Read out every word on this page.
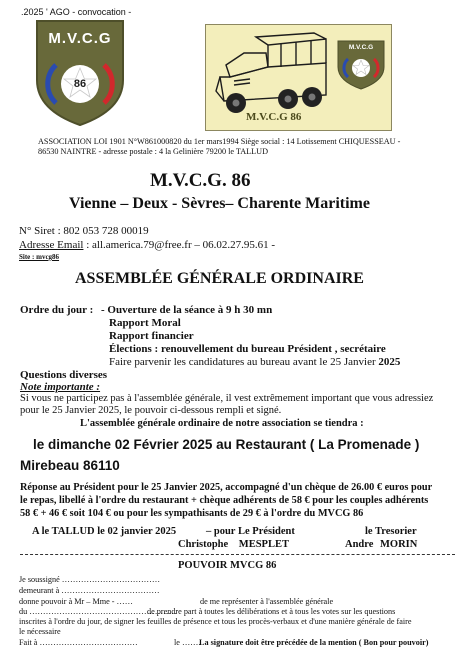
.2025 ' AGO - convocation -
M.V.C.G
86
M.V.C.G
M.V.C.G 86
ASSOCIATION LOI 1901 N°W861000820 du 1er mars1994 Siège social : 14 Lotissement CHIQUESSEAU -
86530 NAINTRE - adresse postale : 4 la Gelinière 79200 le TALLUD
M.V.C.G. 86
Vienne – Deux - Sèvres– Charente Maritime
N° Siret : 802 053 728 00019
Adresse Email : all.america.79@free.fr – 06.02.27.95.61 -
Site : mvcg86
ASSEMBLÉE GÉNÉRALE ORDINAIRE
Ordre du jour : - Ouverture de la séance à 9 h 30 mn
Rapport Moral
Rapport financier
Élections : renouvellement du bureau Président , secrétaire
Faire parvenir les candidatures au bureau avant le 25 Janvier 2025
Questions diverses
Note importante :
Si vous ne participez pas à l'assemblée générale, il vest extrêmement important que vous adressiez
pour le 25 Janvier 2025, le pouvoir ci-dessous rempli et signé.
L'assemblée générale ordinaire de notre association se tiendra :
le dimanche 02 Février 2025 au Restaurant ( La Promenade )
Mirebeau 86110
Réponse au Président pour le 25 Janvier 2025, accompagné d'un chèque de 26.00 € euros pour
le repas, libellé à l'ordre du restaurant + chèque adhérents de 58 € pour les couples adhérents
58 € + 46 € soit 104 € ou pour les sympathisants de 29 € à l'ordre du MVCG 86
A le TALLUD le 02 janvier 2025	– pour Le Président	le Tresorier
Christophe MESPLET	Andre MORIN
POUVOIR MVCG 86
Je soussigné ………………………………
demeurant à ………………………………
donne pouvoir à Mr – Mme - ……	de me représenter à l'assemblée générale
du ………………………………………………
de prendre part à toutes les délibérations et à tous les votes sur les questions
inscrites à l'ordre du jour, de signer les feuilles de présence et tous les procès-verbaux et d'une manière générale de faire
le nécessaire
Fait à ………………………………	le …….
La signature doit être précédée de la mention ( Bon pour pouvoir)
